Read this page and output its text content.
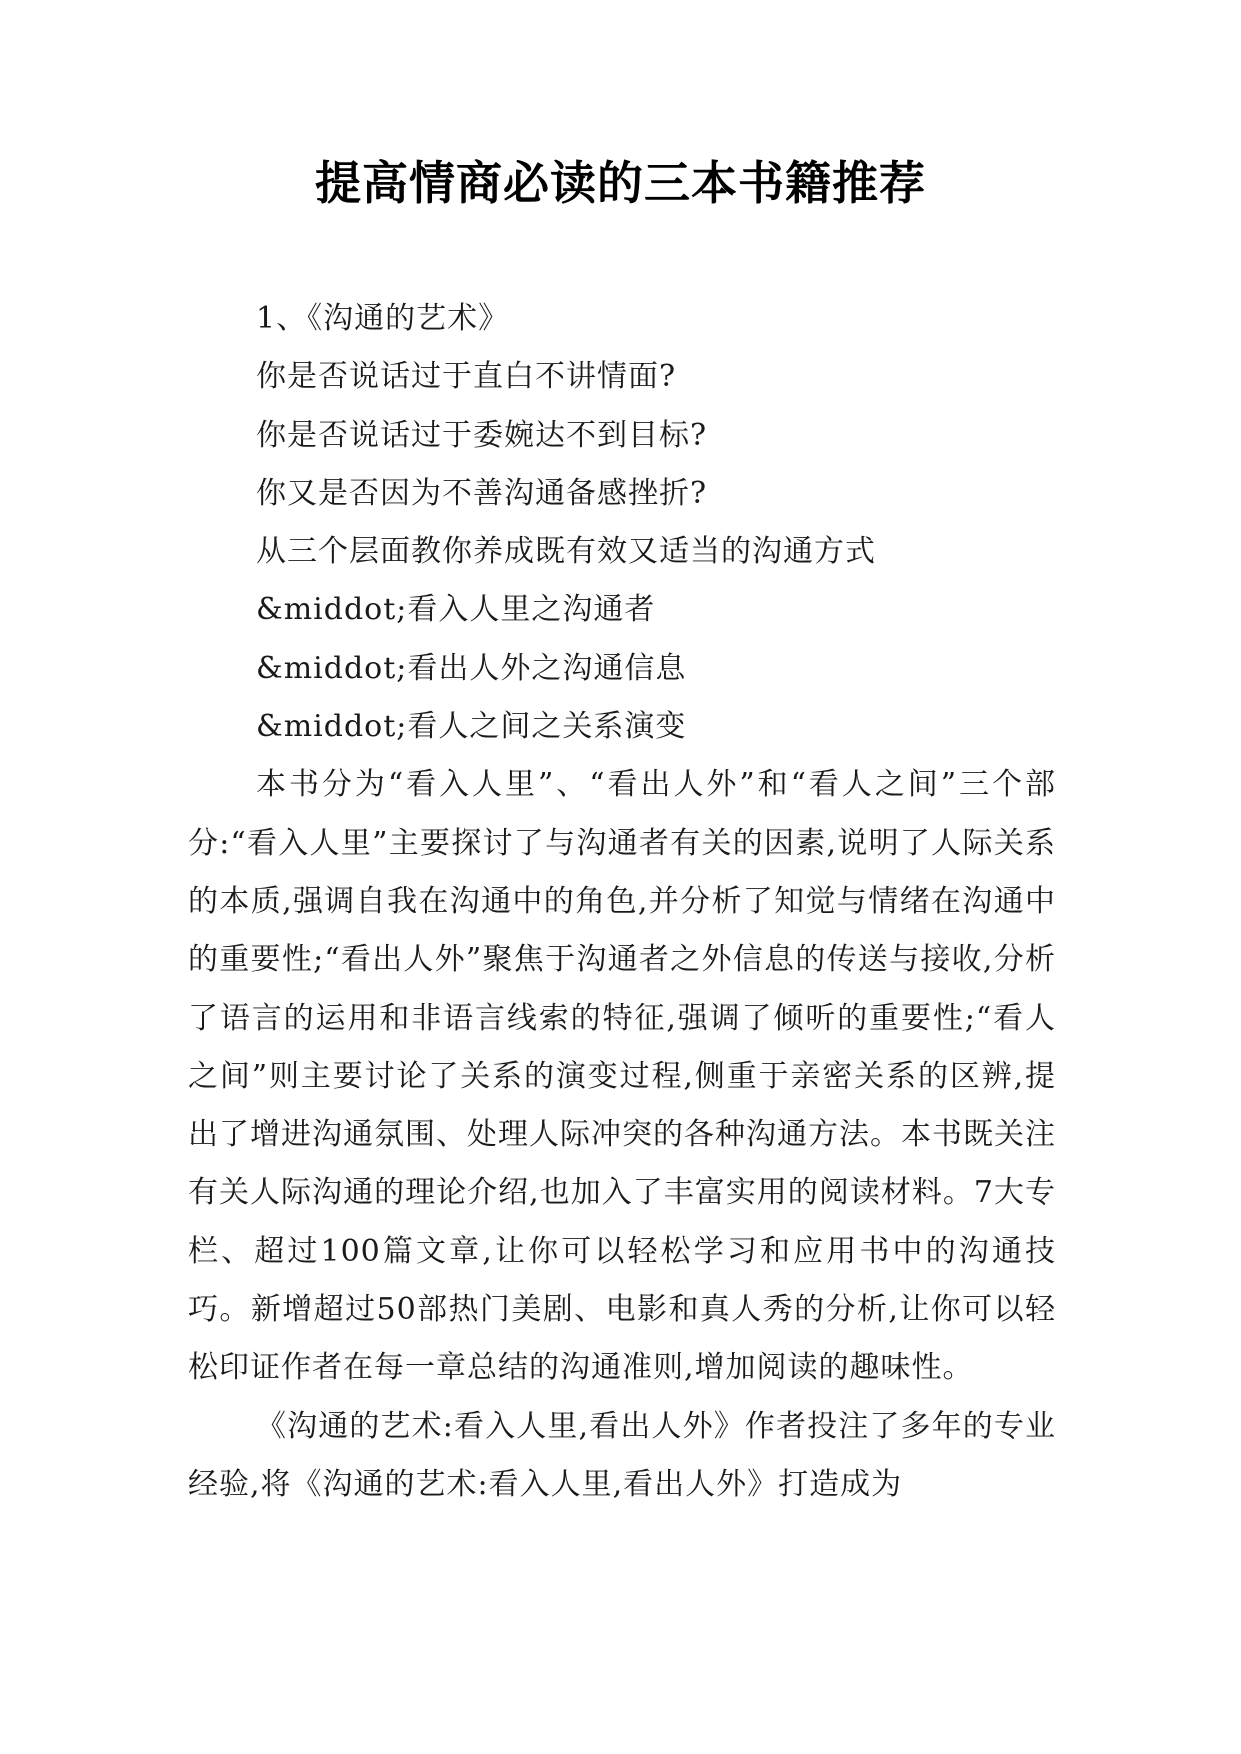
提高情商必读的三本书籍推荐

1、《沟通的艺术》

你是否说话过于直白不讲情面?

你是否说话过于委婉达不到目标?

你又是否因为不善沟通备感挫折?

从三个层面教你养成既有效又适当的沟通方式

&middot;看入人里之沟通者

&middot;看出人外之沟通信息

&middot;看人之间之关系演变

本书分为“看入人里”、“看出人外”和“看人之间”三个部分:“看入人里”主要探讨了与沟通者有关的因素,说明了人际关系的本质,强调自我在沟通中的角色,并分析了知觉与情绪在沟通中的重要性;“看出人外”聚焦于沟通者之外信息的传送与接收,分析了语言的运用和非语言线索的特征,强调了倾听的重要性;“看人之间”则主要讨论了关系的演变过程,侧重于亲密关系的区辨,提出了增进沟通氛围、处理人际冲突的各种沟通方法。本书既关注有关人际沟通的理论介绍,也加入了丰富实用的阅读材料。7大专栏、超过100篇文章,让你可以轻松学习和应用书中的沟通技巧。新增超过50部热门美剧、电影和真人秀的分析,让你可以轻松印证作者在每一章总结的沟通准则,增加阅读的趣味性。

《沟通的艺术:看入人里,看出人外》作者投注了多年的专业经验,将《沟通的艺术:看入人里,看出人外》打造成为
